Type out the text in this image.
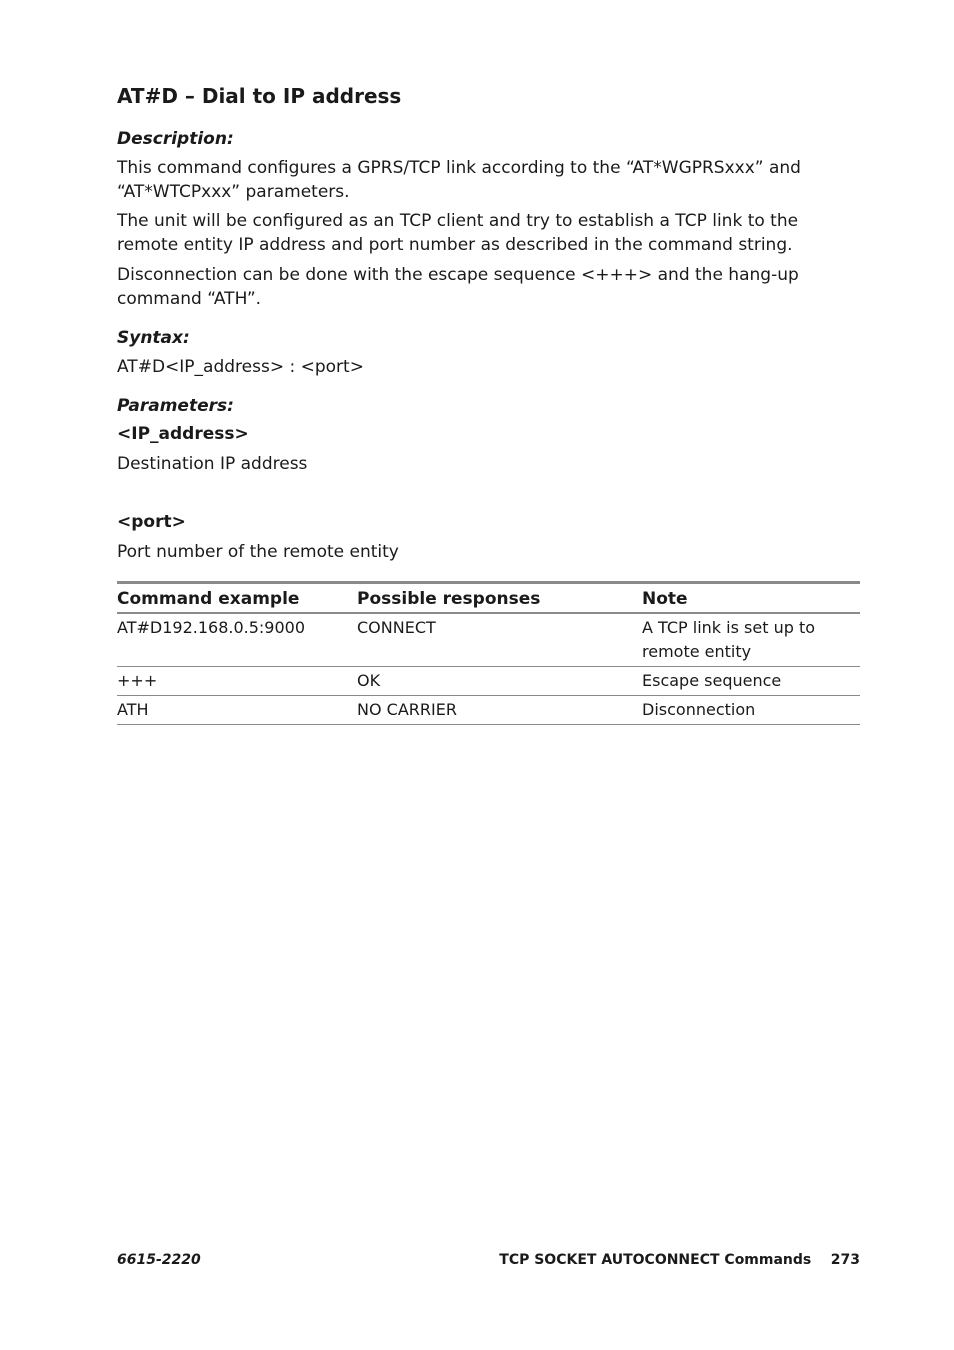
AT#D – Dial to IP address

Description:

This command configures a GPRS/TCP link according to the “AT*WGPRSxxx” and “AT*WTCPxxx” parameters.

The unit will be configured as an TCP client and try to establish a TCP link to the remote entity IP address and port number as described in the command string.

Disconnection can be done with the escape sequence <+++> and the hang-up command “ATH”.

Syntax:

AT#D<IP_address> : <port>

Parameters:

<IP_address>

Destination IP address

<port>

Port number of the remote entity

Command example	Possible responses	Note
AT#D192.168.0.5:9000	CONNECT	A TCP link is set up to remote entity
+++	OK	Escape sequence
ATH	NO CARRIER	Disconnection
6615-2220	TCP SOCKET AUTOCONNECT Commands 273
